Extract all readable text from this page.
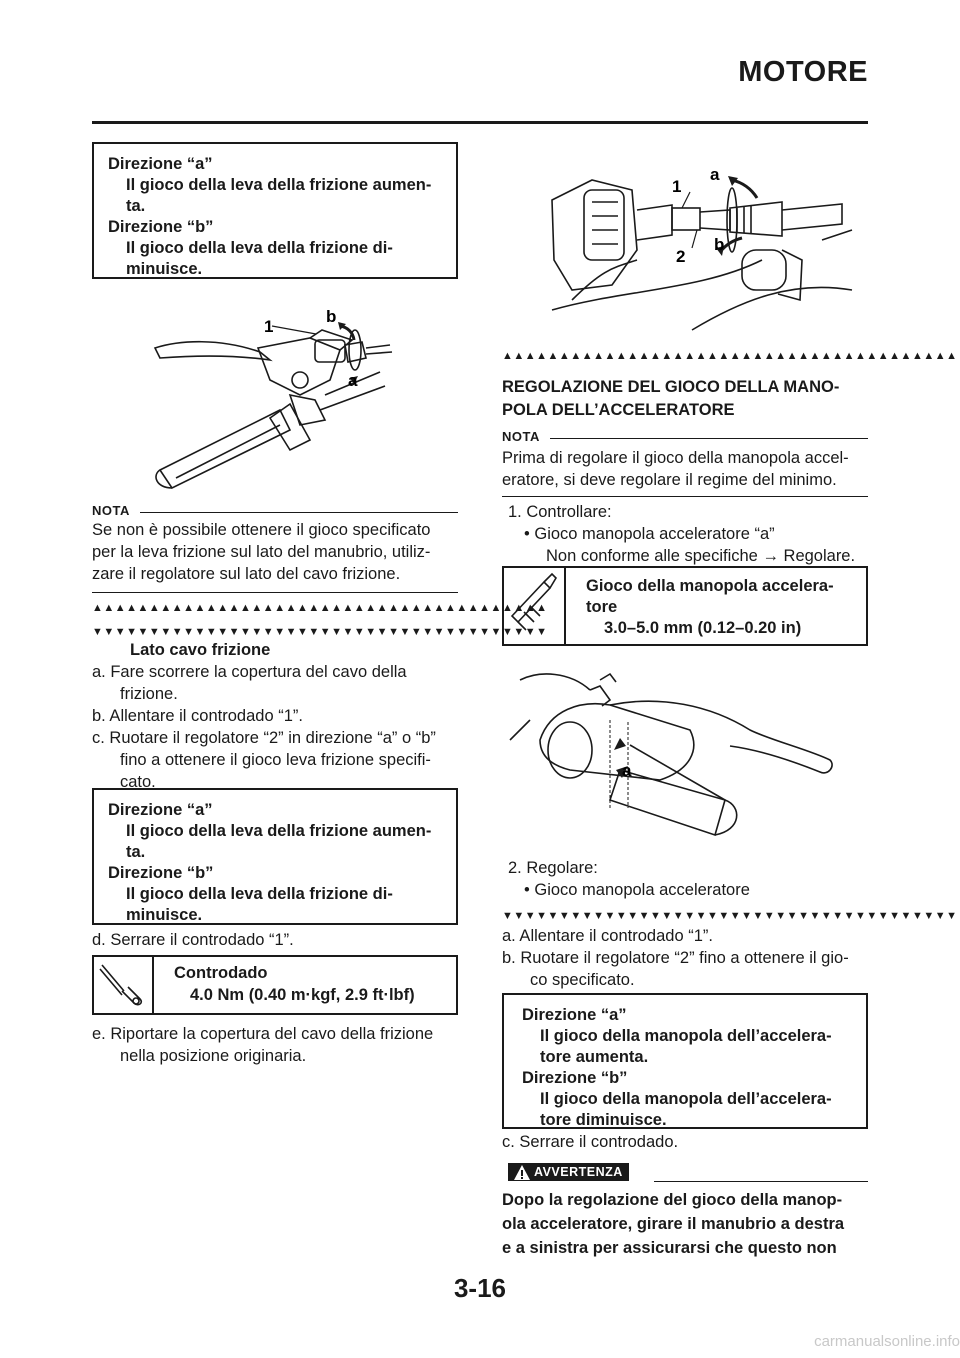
MOTORE
Direzione “a”
Il gioco della leva della frizione aumen-
ta.
Direzione “b”
Il gioco della leva della frizione di-
minuisce.
1
b
a
NOTA
Se non è possibile ottenere il gioco specificato
per la leva frizione sul lato del manubrio, utiliz-
zare il regolatore sul lato del cavo frizione.
▲▲▲▲▲▲▲▲▲▲▲▲▲▲▲▲▲▲▲▲▲▲▲▲▲▲▲▲▲▲▲▲▲▲▲▲▲▲▲▲
▼▼▼▼▼▼▼▼▼▼▼▼▼▼▼▼▼▼▼▼▼▼▼▼▼▼▼▼▼▼▼▼▼▼▼▼▼▼▼▼
Lato cavo frizione
a. Fare scorrere la copertura del cavo della
frizione.
b. Allentare il controdado “1”.
c. Ruotare il regolatore “2” in direzione “a” o “b”
fino a ottenere il gioco leva frizione specifi-
cato.
Direzione “a”
Il gioco della leva della frizione aumen-
ta.
Direzione “b”
Il gioco della leva della frizione di-
minuisce.
d. Serrare il controdado “1”.
Controdado
4.0 Nm (0.40 m·kgf, 2.9 ft·lbf)
e. Riportare la copertura del cavo della frizione
nella posizione originaria.
1
a
2
b
▲▲▲▲▲▲▲▲▲▲▲▲▲▲▲▲▲▲▲▲▲▲▲▲▲▲▲▲▲▲▲▲▲▲▲▲▲▲▲▲
REGOLAZIONE DEL GIOCO DELLA MANO-
POLA DELL’ACCELERATORE
NOTA
Prima di regolare il gioco della manopola accel-
eratore, si deve regolare il regime del minimo.
1. Controllare:
• Gioco manopola acceleratore “a”
Non conforme alle specifiche → Regolare.
Gioco della manopola accelera-
tore
3.0–5.0 mm (0.12–0.20 in)
a
2. Regolare:
• Gioco manopola acceleratore
▼▼▼▼▼▼▼▼▼▼▼▼▼▼▼▼▼▼▼▼▼▼▼▼▼▼▼▼▼▼▼▼▼▼▼▼▼▼▼▼
a. Allentare il controdado “1”.
b. Ruotare il regolatore “2” fino a ottenere il gio-
co specificato.
Direzione “a”
Il gioco della manopola dell’accelera-
tore aumenta.
Direzione “b”
Il gioco della manopola dell’accelera-
tore diminuisce.
c. Serrare il controdado.
AVVERTENZA
Dopo la regolazione del gioco della manop-
ola acceleratore, girare il manubrio a destra
e a sinistra per assicurarsi che questo non
3-16
carmanualsonline.info
